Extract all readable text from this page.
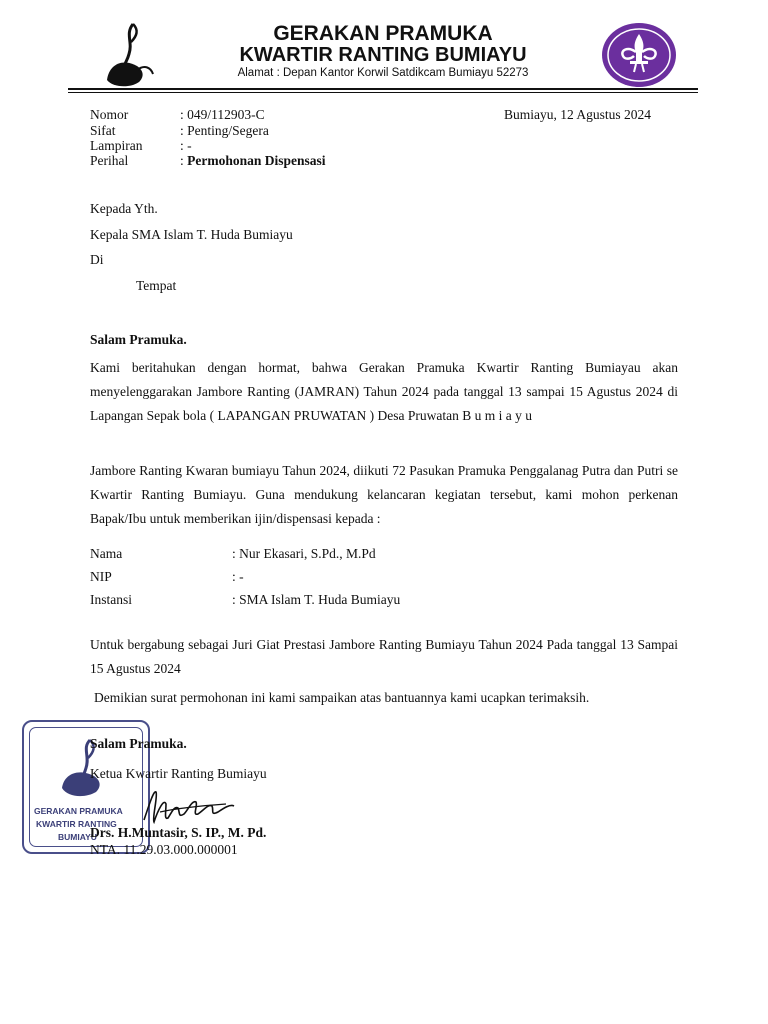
GERAKAN PRAMUKA
KWARTIR RANTING BUMIAYU
Alamat : Depan Kantor Korwil Satdikcam Bumiayu 52273
Nomor	: 049/112903-C	Bumiayu, 12 Agustus 2024
Sifat	: Penting/Segera
Lampiran	: -
Perihal	: Permohonan Dispensasi
Kepada Yth.
Kepala SMA Islam T. Huda Bumiayu
Di
Tempat
Salam Pramuka.
Kami beritahukan dengan hormat, bahwa Gerakan Pramuka Kwartir Ranting Bumiayau akan menyelenggarakan Jambore Ranting (JAMRAN) Tahun 2024 pada tanggal 13 sampai 15 Agustus 2024 di Lapangan Sepak bola ( LAPANGAN PRUWATAN ) Desa Pruwatan B u m i a y u
Jambore Ranting Kwaran bumiayu Tahun 2024, diikuti 72 Pasukan Pramuka Penggalanag Putra dan Putri se Kwartir Ranting Bumiayu. Guna mendukung kelancaran kegiatan tersebut, kami mohon perkenan Bapak/Ibu untuk memberikan ijin/dispensasi kepada :
Nama	: Nur Ekasari, S.Pd., M.Pd
NIP	: -
Instansi	: SMA Islam T. Huda Bumiayu
Untuk bergabung sebagai Juri Giat Prestasi Jambore Ranting Bumiayu Tahun 2024 Pada tanggal 13 Sampai 15 Agustus 2024
Demikian surat permohonan ini kami sampaikan atas bantuannya kami ucapkan terimaksih.
GERAKAN PRAMUKA
KWARTIR RANTING
BUMIAYU
Salam Pramuka.
Ketua Kwartir Ranting Bumiayu
Drs. H.Muntasir, S. IP., M. Pd.
NTA. 11.29.03.000.000001
